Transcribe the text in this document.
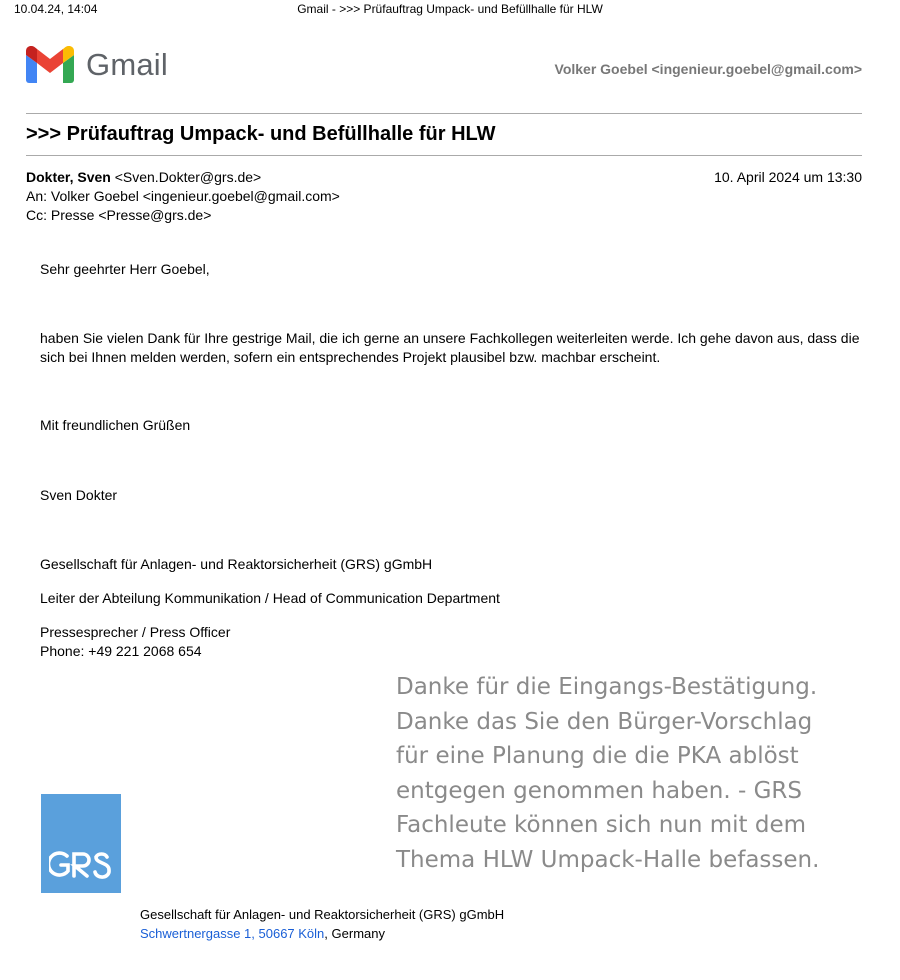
10.04.24, 14:04	Gmail - >>> Prüfauftrag Umpack- und Befüllhalle für HLW
Gmail	Volker Goebel <ingenieur.goebel@gmail.com>
>>> Prüfauftrag Umpack- und Befüllhalle für HLW
Dokter, Sven <Sven.Dokter@grs.de>	10. April 2024 um 13:30
An: Volker Goebel <ingenieur.goebel@gmail.com>
Cc: Presse <Presse@grs.de>
Sehr geehrter Herr Goebel,
haben Sie vielen Dank für Ihre gestrige Mail, die ich gerne an unsere Fachkollegen weiterleiten werde. Ich gehe davon aus, dass die sich bei Ihnen melden werden, sofern ein entsprechendes Projekt plausibel bzw. machbar erscheint.
Mit freundlichen Grüßen
Sven Dokter
Gesellschaft für Anlagen- und Reaktorsicherheit (GRS) gGmbH
Leiter der Abteilung Kommunikation / Head of Communication Department
Pressesprecher / Press Officer
Phone: +49 221 2068 654
Danke für die Eingangs-Bestätigung.
Danke das Sie den Bürger-Vorschlag
für eine Planung die die PKA ablöst
entgegen genommen haben. - GRS
Fachleute können sich nun mit dem
Thema HLW Umpack-Halle befassen.
Gesellschaft für Anlagen- und Reaktorsicherheit (GRS) gGmbH
Schwertnergasse 1, 50667 Köln, Germany
